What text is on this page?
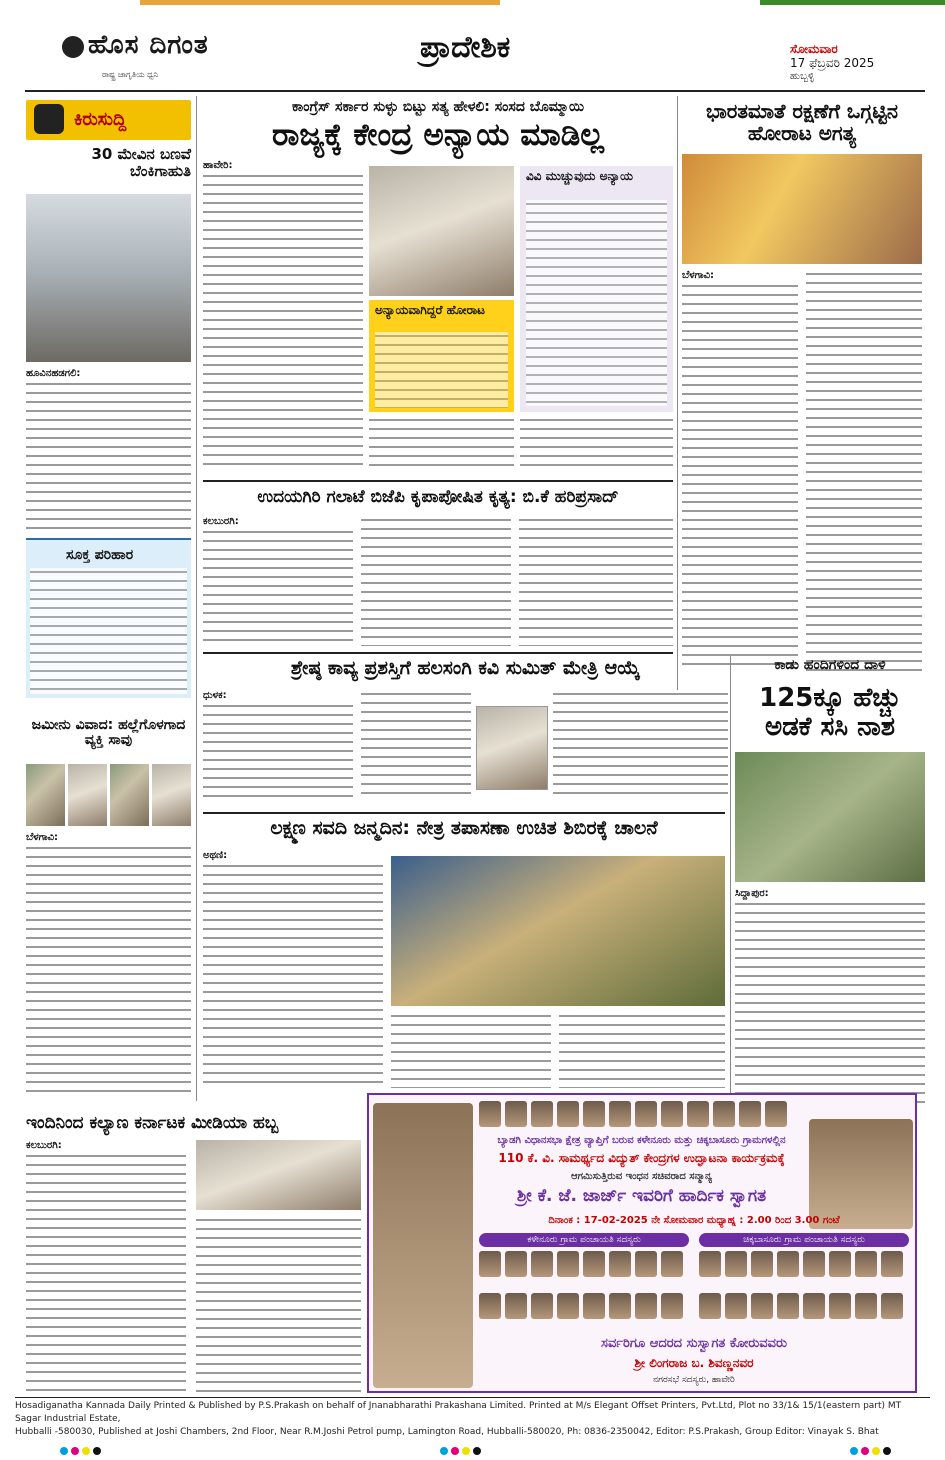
ಹೊಸ ದಿಗಂತ
ರಾಷ್ಟ್ರ ಜಾಗೃತಿಯ ಧ್ವನಿ
ಪ್ರಾದೇಶಿಕ	ಸೋಮವಾರ
17 ಫೆಬ್ರವರಿ 2025
ಹುಬ್ಬಳ್ಳಿ
ಕಿರುಸುದ್ದಿ
30 ಮೇವಿನ ಬಣವೆ ಬೆಂಕಿಗಾಹುತಿ
ಹೂವಿನಹಡಗಲಿ:
ಸೂಕ್ತ ಪರಿಹಾರ
ಜಮೀನು ವಿವಾದ: ಹಲ್ಲೆಗೊಳಗಾದ ವ್ಯಕ್ತಿ ಸಾವು
ಬೆಳಗಾವಿ:
ಕಾಂಗ್ರೆಸ್ ಸರ್ಕಾರ ಸುಳ್ಳು ಬಿಟ್ಟು ಸತ್ಯ ಹೇಳಲಿ: ಸಂಸದ ಬೊಮ್ಮಾಯಿ
ರಾಜ್ಯಕ್ಕೆ ಕೇಂದ್ರ ಅನ್ಯಾಯ ಮಾಡಿಲ್ಲ
ಹಾವೇರಿ:
ಅನ್ಯಾಯವಾಗಿದ್ದರೆ ಹೋರಾಟ
ವಿವಿ ಮುಚ್ಚುವುದು ಅನ್ಯಾಯ
ಭಾರತಮಾತೆ ರಕ್ಷಣೆಗೆ ಒಗ್ಗಟ್ಟಿನ ಹೋರಾಟ ಅಗತ್ಯ
ಬೆಳಗಾವಿ:
ಉದಯಗಿರಿ ಗಲಾಟೆ ಬಿಜೆಪಿ ಕೃಪಾಪೋಷಿತ ಕೃತ್ಯ: ಬಿ.ಕೆ ಹರಿಪ್ರಸಾದ್
ಕಲಬುರಗಿ:
ಶ್ರೇಷ್ಠ ಕಾವ್ಯ ಪ್ರಶಸ್ತಿಗೆ ಹಲಸಂಗಿ ಕವಿ ಸುಮಿತ್ ಮೇತ್ರಿ ಆಯ್ಕೆ
ಧುಳಕ:
ಕಾಡು ಹಂದಿಗಳಿಂದ ದಾಳಿ
125ಕ್ಕೂ ಹೆಚ್ಚು ಅಡಕೆ ಸಸಿ ನಾಶ
ಸಿದ್ದಾಪುರ:
ಲಕ್ಷ್ಮಣ ಸವದಿ ಜನ್ಮದಿನ: ನೇತ್ರ ತಪಾಸಣಾ ಉಚಿತ ಶಿಬಿರಕ್ಕೆ ಚಾಲನೆ
ಅಥಣಿ:
ಇಂದಿನಿಂದ ಕಲ್ಯಾಣ ಕರ್ನಾಟಕ ಮೀಡಿಯಾ ಹಬ್ಬ
ಕಲಬುರಗಿ:	ಬ್ಯಾಡಗಿ ವಿಧಾನಸಭಾ ಕ್ಷೇತ್ರ ವ್ಯಾಪ್ತಿಗೆ ಬರುವ ಕಳೇನೂರು ಮತ್ತು ಚಿಕ್ಕಬಾಸೂರು ಗ್ರಾಮಗಳಲ್ಲಿನ
110 ಕೆ. ವಿ. ಸಾಮರ್ಥ್ಯದ ವಿದ್ಯುತ್ ಕೇಂದ್ರಗಳ ಉದ್ಘಾಟನಾ ಕಾರ್ಯಕ್ರಮಕ್ಕೆ
ಆಗಮಿಸುತ್ತಿರುವ ಇಂಧನ ಸಚಿವರಾದ ಸನ್ಮಾನ್ಯ
ಶ್ರೀ ಕೆ. ಜೆ. ಜಾರ್ಜ್ ಇವರಿಗೆ ಹಾರ್ದಿಕ ಸ್ವಾಗತ
ದಿನಾಂಕ : 17-02-2025 ನೇ ಸೋಮವಾರ ಮಧ್ಯಾಹ್ನ : 2.00 ರಿಂದ 3.00 ಗಂಟೆ
ಕಳೇನೂರು ಗ್ರಾಮ ಪಂಚಾಯತಿ ಸದಸ್ಯರು	ಚಿಕ್ಕಬಾಸೂರು ಗ್ರಾಮ ಪಂಚಾಯತಿ ಸದಸ್ಯರು
ಸರ್ವರಿಗೂ ಆದರದ ಸುಸ್ವಾಗತ ಕೋರುವವರು
ಶ್ರೀ ಲಿಂಗರಾಜ ಬ. ಶಿವಣ್ಣನವರ
ನಗರಸಭೆ ಸದಸ್ಯರು, ಹಾವೇರಿ
Hosadiganatha Kannada Daily Printed & Published by P.S.Prakash on behalf of Jnanabharathi Prakashana Limited. Printed at M/s Elegant Offset Printers, Pvt.Ltd, Plot no 33/1& 15/1(eastern part) MT Sagar Industrial Estate,
Hubballi -580030, Published at Joshi Chambers, 2nd Floor, Near R.M.Joshi Petrol pump, Lamington Road, Hubballi-580020, Ph: 0836-2350042, Editor: P.S.Prakash, Group Editor: Vinayak S. Bhat
